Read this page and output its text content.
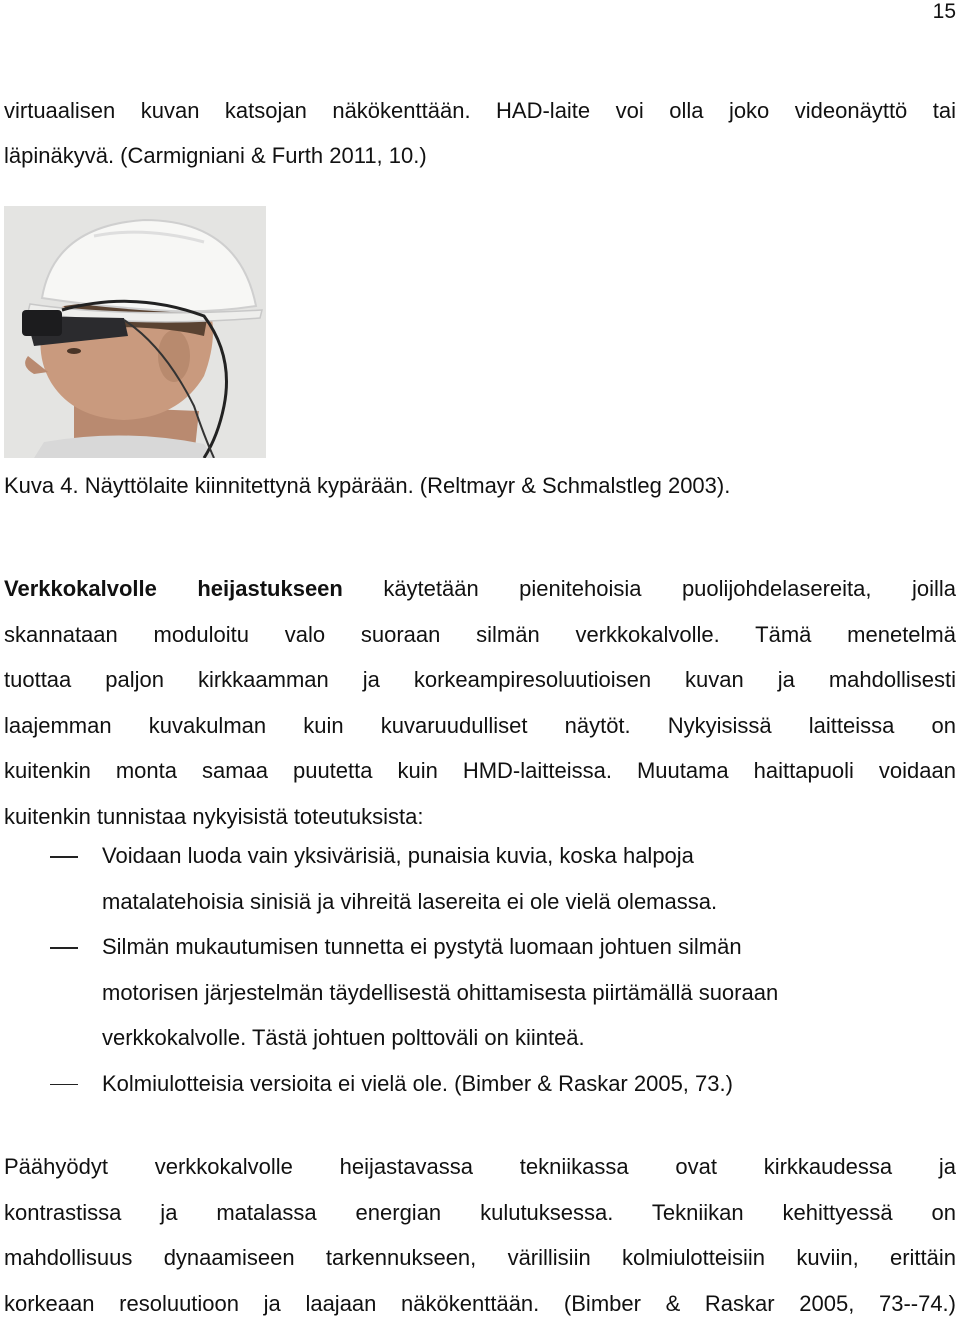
15

virtuaalisen kuvan katsojan näkökenttään. HAD-laite voi olla joko videonäyttö tai
läpinäkyvä. (Carmigniani & Furth 2011, 10.)

Kuva 4. Näyttölaite kiinnitettynä kypärään. (Reltmayr & Schmalstleg 2003).

Verkkokalvolle heijastukseen käytetään pienitehoisia puolijohdelasereita, joilla
skannataan moduloitu valo suoraan silmän verkkokalvolle. Tämä menetelmä
tuottaa paljon kirkkaamman ja korkeampiresoluutioisen kuvan ja mahdollisesti
laajemman kuvakulman kuin kuvaruudulliset näytöt. Nykyisissä laitteissa on
kuitenkin monta samaa puutetta kuin HMD-laitteissa. Muutama haittapuoli voidaan
kuitenkin tunnistaa nykyisistä toteutuksista:

Voidaan luoda vain yksivärisiä, punaisia kuvia, koska halpoja
matalatehoisia sinisiä ja vihreitä lasereita ei ole vielä olemassa.
Silmän mukautumisen tunnetta ei pystytä luomaan johtuen silmän
motorisen järjestelmän täydellisestä ohittamisesta piirtämällä suoraan
verkkokalvolle. Tästä johtuen polttoväli on kiinteä.
Kolmiulotteisia versioita ei vielä ole. (Bimber & Raskar 2005, 73.)

Päähyödyt verkkokalvolle heijastavassa tekniikassa ovat kirkkaudessa ja
kontrastissa ja matalassa energian kulutuksessa. Tekniikan kehittyessä on
mahdollisuus dynaamiseen tarkennukseen, värillisiin kolmiulotteisiin kuviin, erittäin
korkeaan resoluutioon ja laajaan näkökenttään. (Bimber & Raskar 2005, 73--74.)
